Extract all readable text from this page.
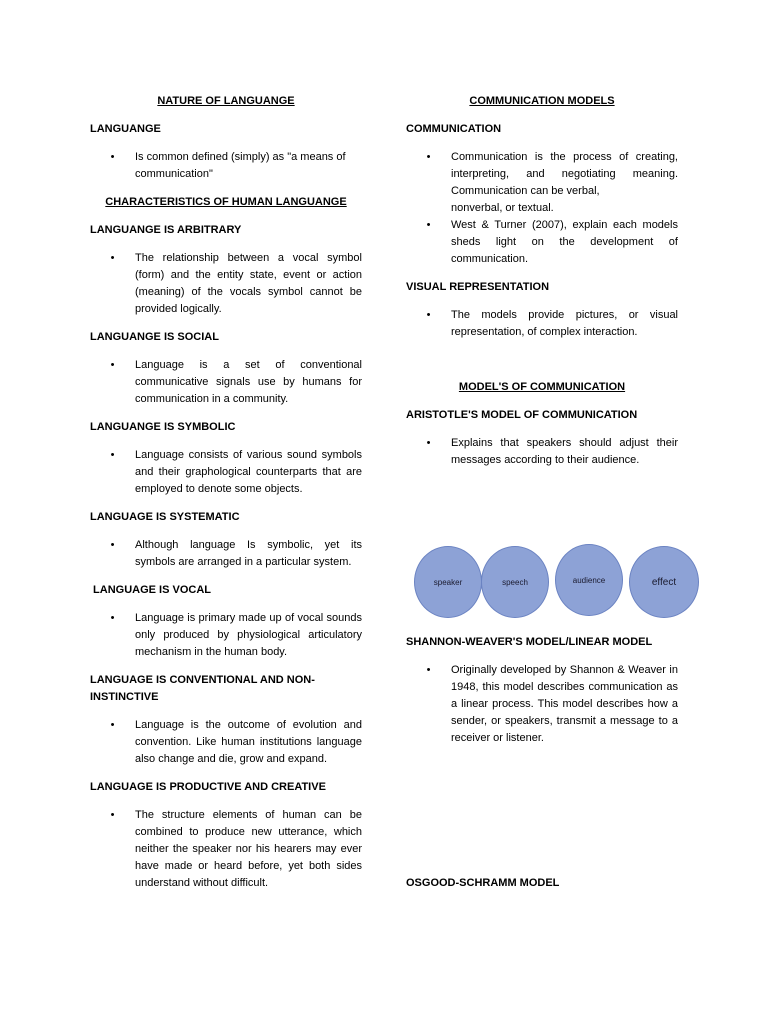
NATURE OF LANGUANGE

LANGUANGE

•	Is common defined (simply) as "a means of communication"

CHARACTERISTICS OF HUMAN LANGUANGE

LANGUANGE IS ARBITRARY

•	The relationship between a vocal symbol (form) and the entity state, event or action (meaning) of the vocals symbol cannot be provided logically.

LANGUANGE IS SOCIAL

•	Language is a set of conventional communicative signals use by humans for communication in a community.

LANGUANGE IS SYMBOLIC

•	Language consists of various sound symbols and their graphological counterparts that are employed to denote some objects.

LANGUAGE IS SYSTEMATIC

•	Although language Is symbolic, yet its symbols are arranged in a particular system.

LANGUAGE IS VOCAL

•	Language is primary made up of vocal sounds only produced by physiological articulatory mechanism in the human body.

LANGUAGE IS CONVENTIONAL AND NON-INSTINCTIVE

•	Language is the outcome of evolution and convention. Like human institutions language also change and die, grow and expand.

LANGUAGE IS PRODUCTIVE AND CREATIVE

•	The structure elements of human can be combined to produce new utterance, which neither the speaker nor his hearers may ever have made or heard before, yet both sides understand without difficult.

COMMUNICATION MODELS

COMMUNICATION

•	Communication is the process of creating, interpreting, and negotiating meaning. Communication can be verbal,
nonverbal, or textual.
•	West & Turner (2007), explain each models sheds light on the development of communication.

VISUAL REPRESENTATION

•	The models provide pictures, or visual representation, of complex interaction.

MODEL'S OF COMMUNICATION

ARISTOTLE'S MODEL OF COMMUNICATION

•	Explains that speakers should adjust their messages according to their audience.
speaker	speech	audience	effect

SHANNON-WEAVER'S MODEL/LINEAR MODEL

•	Originally developed by Shannon & Weaver in 1948, this model describes communication as a linear process. This model describes how a sender, or speakers, transmit a message to a receiver or listener.

OSGOOD-SCHRAMM MODEL
